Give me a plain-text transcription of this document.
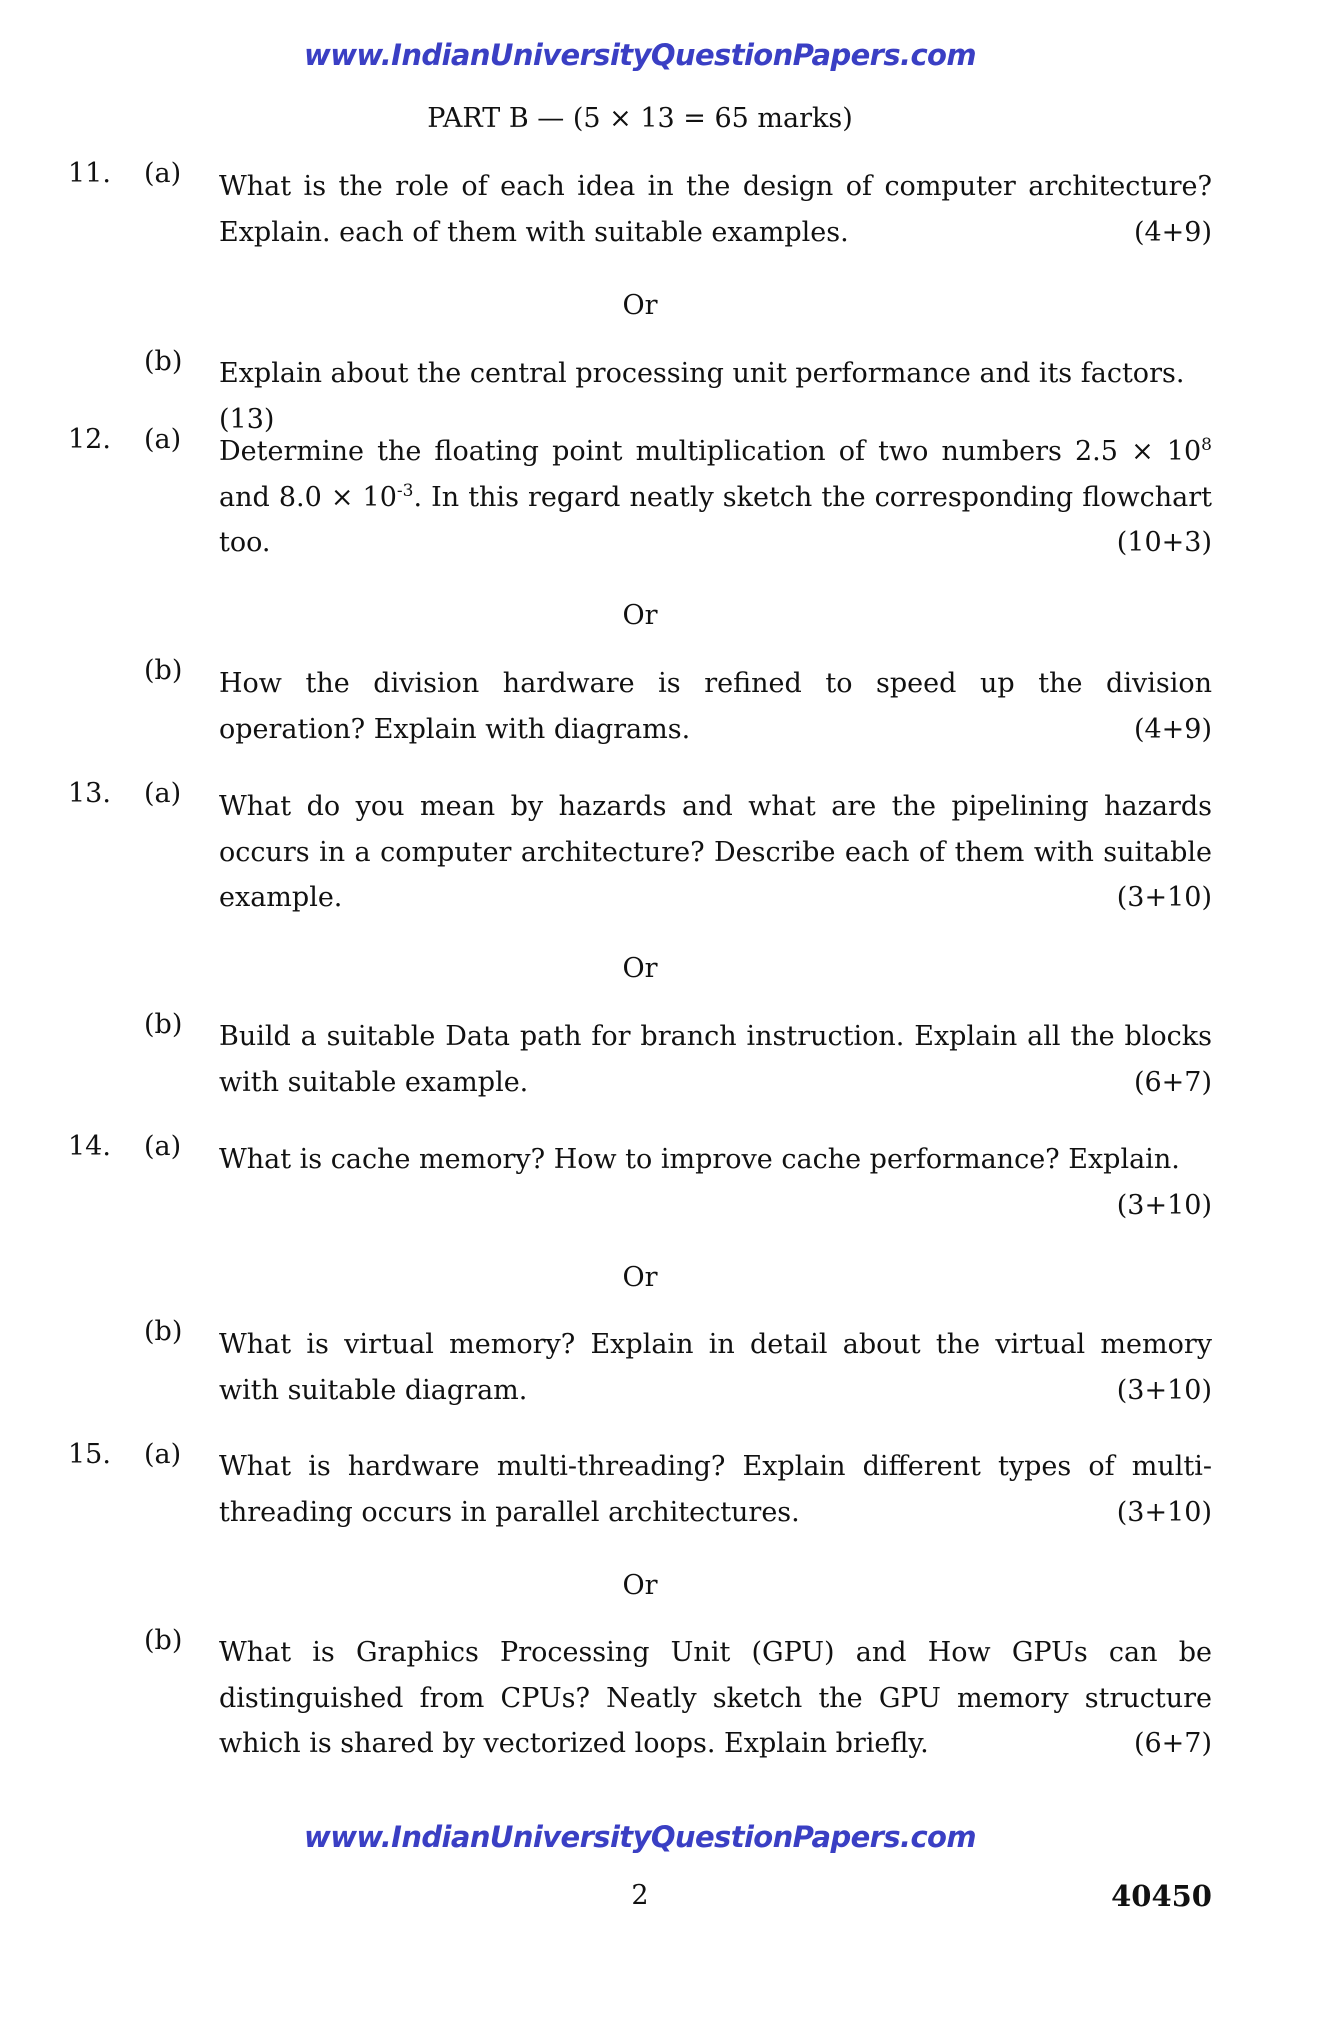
www.IndianUniversityQuestionPapers.com
PART B — (5 × 13 = 65 marks)
11. (a) What is the role of each idea in the design of computer architecture? Explain. each of them with suitable examples.	(4+9)
Or
(b) Explain about the central processing unit performance and its factors.(13)
12. (a) Determine the floating point multiplication of two numbers $2.5 \times 10^8$ and $8.0 \times 10^{-3}$. In this regard neatly sketch the corresponding flowchart too.	(10+3)
Or
(b) How the division hardware is refined to speed up the division operation? Explain with diagrams.	(4+9)
13. (a) What do you mean by hazards and what are the pipelining hazards occurs in a computer architecture? Describe each of them with suitable example.	(3+10)
Or
(b) Build a suitable Data path for branch instruction. Explain all the blocks with suitable example.	(6+7)
14. (a) What is cache memory? How to improve cache performance? Explain.
(3+10)
Or
(b) What is virtual memory? Explain in detail about the virtual memory with suitable diagram.	(3+10)
15. (a) What is hardware multi-threading? Explain different types of multi-threading occurs in parallel architectures.	(3+10)
Or
(b) What is Graphics Processing Unit (GPU) and How GPUs can be distinguished from CPUs? Neatly sketch the GPU memory structure which is shared by vectorized loops. Explain briefly.	(6+7)
www.IndianUniversityQuestionPapers.com
2	40450
